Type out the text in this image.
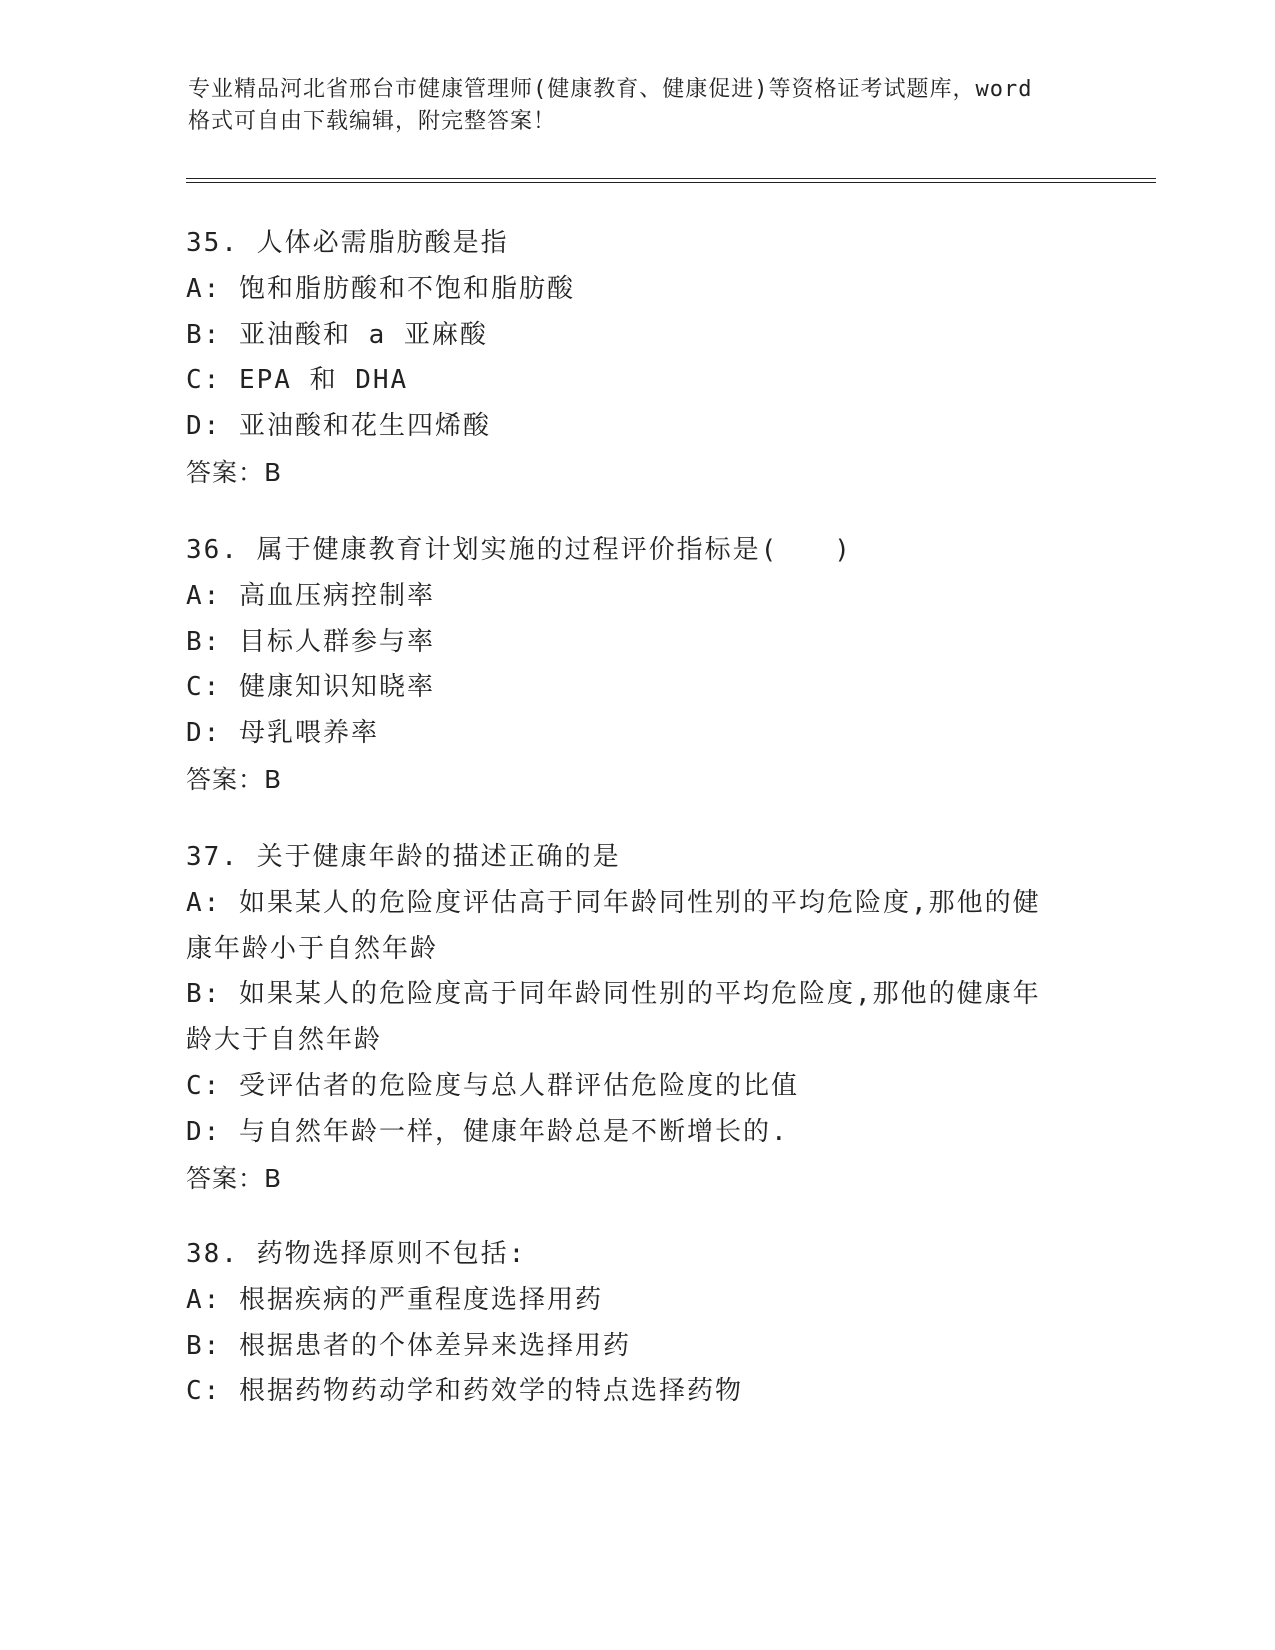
专业精品河北省邢台市健康管理师(健康教育、健康促进)等资格证考试题库，word
格式可自由下载编辑，附完整答案！

35. 人体必需脂肪酸是指

A: 饱和脂肪酸和不饱和脂肪酸

B: 亚油酸和 a 亚麻酸

C: EPA 和 DHA

D: 亚油酸和花生四烯酸

答案：B

36. 属于健康教育计划实施的过程评价指标是(　　)

A: 高血压病控制率

B: 目标人群参与率

C: 健康知识知晓率

D: 母乳喂养率

答案：B

37. 关于健康年龄的描述正确的是

A: 如果某人的危险度评估高于同年龄同性别的平均危险度,那他的健康年龄小于自然年龄

B: 如果某人的危险度高于同年龄同性别的平均危险度,那他的健康年龄大于自然年龄

C: 受评估者的危险度与总人群评估危险度的比值

D: 与自然年龄一样，健康年龄总是不断增长的.

答案：B

38. 药物选择原则不包括:

A: 根据疾病的严重程度选择用药

B: 根据患者的个体差异来选择用药

C: 根据药物药动学和药效学的特点选择药物
